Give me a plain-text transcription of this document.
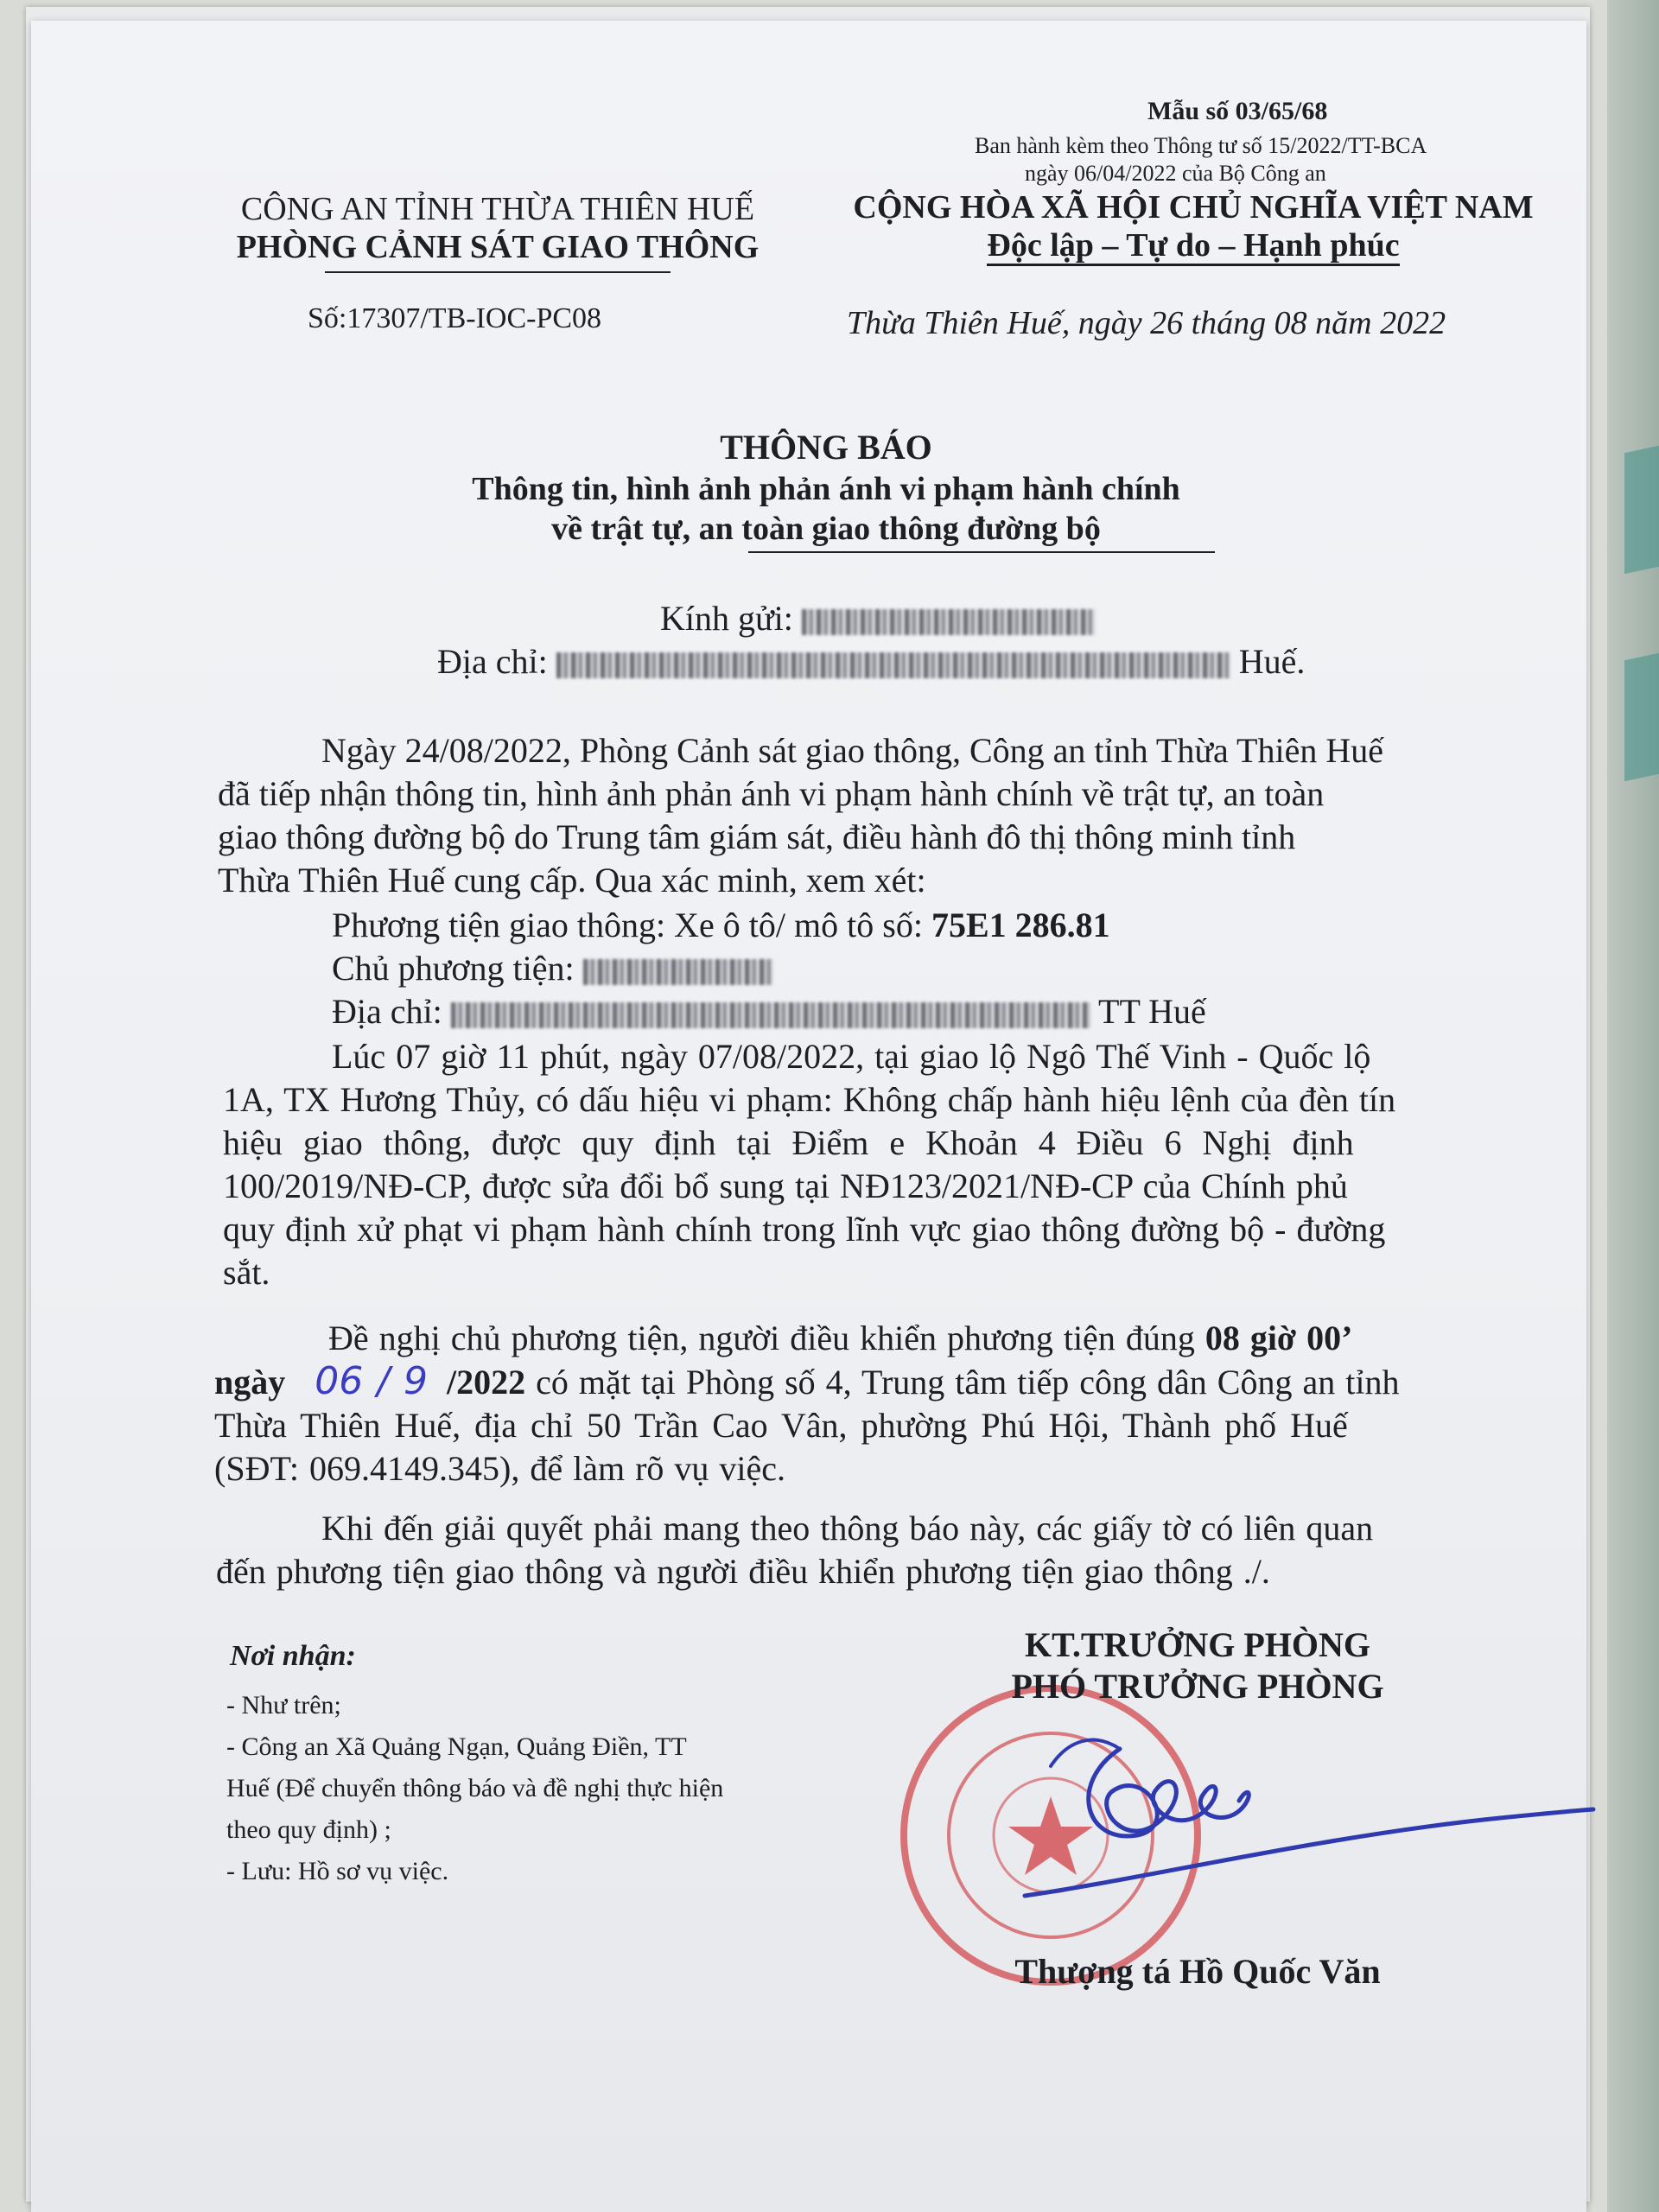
Mẫu số 03/65/68
Ban hành kèm theo Thông tư số 15/2022/TT-BCA
ngày 06/04/2022 của Bộ Công an
CÔNG AN TỈNH THỪA THIÊN HUẾ
PHÒNG CẢNH SÁT GIAO THÔNG
Số:17307/TB-IOC-PC08
CỘNG HÒA XÃ HỘI CHỦ NGHĨA VIỆT NAM
Độc lập – Tự do – Hạnh phúc
Thừa Thiên Huế, ngày 26 tháng 08 năm 2022
THÔNG BÁO
Thông tin, hình ảnh phản ánh vi phạm hành chính
về trật tự, an toàn giao thông đường bộ
Kính gửi:
Địa chỉ:	Huế.
Ngày 24/08/2022, Phòng Cảnh sát giao thông, Công an tỉnh Thừa Thiên Huế
đã tiếp nhận thông tin, hình ảnh phản ánh vi phạm hành chính về trật tự, an toàn
giao thông đường bộ do Trung tâm giám sát, điều hành đô thị thông minh tỉnh
Thừa Thiên Huế cung cấp. Qua xác minh, xem xét:
Phương tiện giao thông: Xe ô tô/ mô tô số: 75E1 286.81
Chủ phương tiện:
Địa chỉ:	TT Huế
Lúc 07 giờ 11 phút, ngày 07/08/2022, tại giao lộ Ngô Thế Vinh - Quốc lộ
1A, TX Hương Thủy, có dấu hiệu vi phạm: Không chấp hành hiệu lệnh của đèn tín
hiệu giao thông, được quy định tại Điểm e Khoản 4 Điều 6 Nghị định
100/2019/NĐ-CP, được sửa đổi bổ sung tại NĐ123/2021/NĐ-CP của Chính phủ
quy định xử phạt vi phạm hành chính trong lĩnh vực giao thông đường bộ - đường
sắt.
Đề nghị chủ phương tiện, người điều khiển phương tiện đúng 08 giờ 00’
ngày 06 / 9 /2022 có mặt tại Phòng số 4, Trung tâm tiếp công dân Công an tỉnh
Thừa Thiên Huế, địa chỉ 50 Trần Cao Vân, phường Phú Hội, Thành phố Huế
(SĐT: 069.4149.345), để làm rõ vụ việc.
Khi đến giải quyết phải mang theo thông báo này, các giấy tờ có liên quan
đến phương tiện giao thông và người điều khiển phương tiện giao thông ./.
Nơi nhận:
- Như trên;
- Công an Xã Quảng Ngạn, Quảng Điền, TT
Huế (Để chuyển thông báo và đề nghị thực hiện
theo quy định) ;
- Lưu: Hồ sơ vụ việc.
KT.TRƯỞNG PHÒNG
PHÓ TRƯỞNG PHÒNG
Thượng tá Hồ Quốc Văn
